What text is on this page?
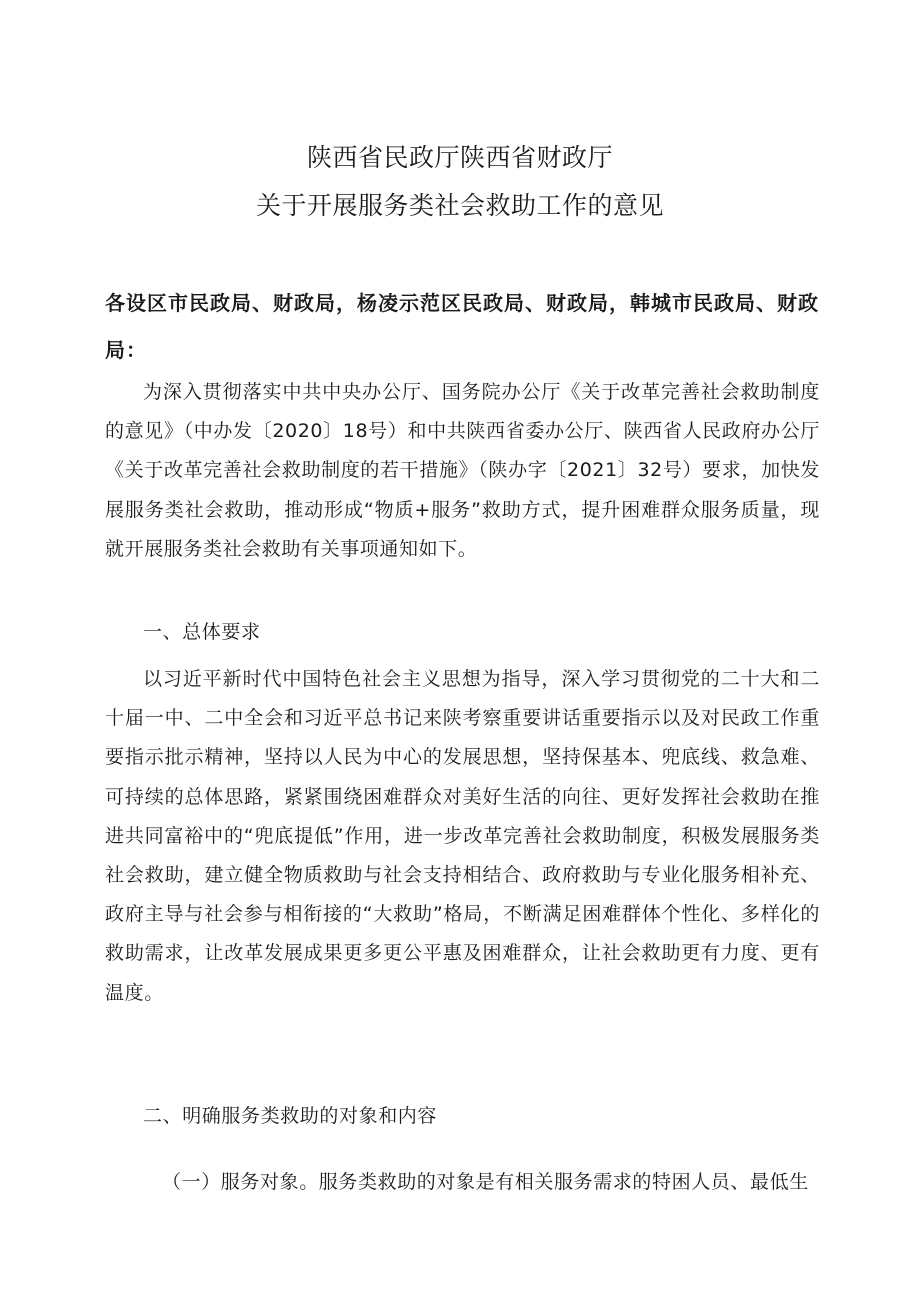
陕西省民政厅陕西省财政厅
关于开展服务类社会救助工作的意见

各设区市民政局、财政局，杨凌示范区民政局、财政局，韩城市民政局、财政局：

为深入贯彻落实中共中央办公厅、国务院办公厅《关于改革完善社会救助制度的意见》（中办发〔2020〕18号）和中共陕西省委办公厅、陕西省人民政府办公厅《关于改革完善社会救助制度的若干措施》（陕办字〔2021〕32号）要求，加快发展服务类社会救助，推动形成“物质+服务”救助方式，提升困难群众服务质量，现就开展服务类社会救助有关事项通知如下。

一、总体要求

以习近平新时代中国特色社会主义思想为指导，深入学习贯彻党的二十大和二十届一中、二中全会和习近平总书记来陕考察重要讲话重要指示以及对民政工作重要指示批示精神，坚持以人民为中心的发展思想，坚持保基本、兜底线、救急难、可持续的总体思路，紧紧围绕困难群众对美好生活的向往、更好发挥社会救助在推进共同富裕中的“兜底提低”作用，进一步改革完善社会救助制度，积极发展服务类社会救助，建立健全物质救助与社会支持相结合、政府救助与专业化服务相补充、政府主导与社会参与相衔接的“大救助”格局，不断满足困难群体个性化、多样化的救助需求，让改革发展成果更多更公平惠及困难群众，让社会救助更有力度、更有温度。

二、明确服务类救助的对象和内容

（一）服务对象。服务类救助的对象是有相关服务需求的特困人员、最低生
